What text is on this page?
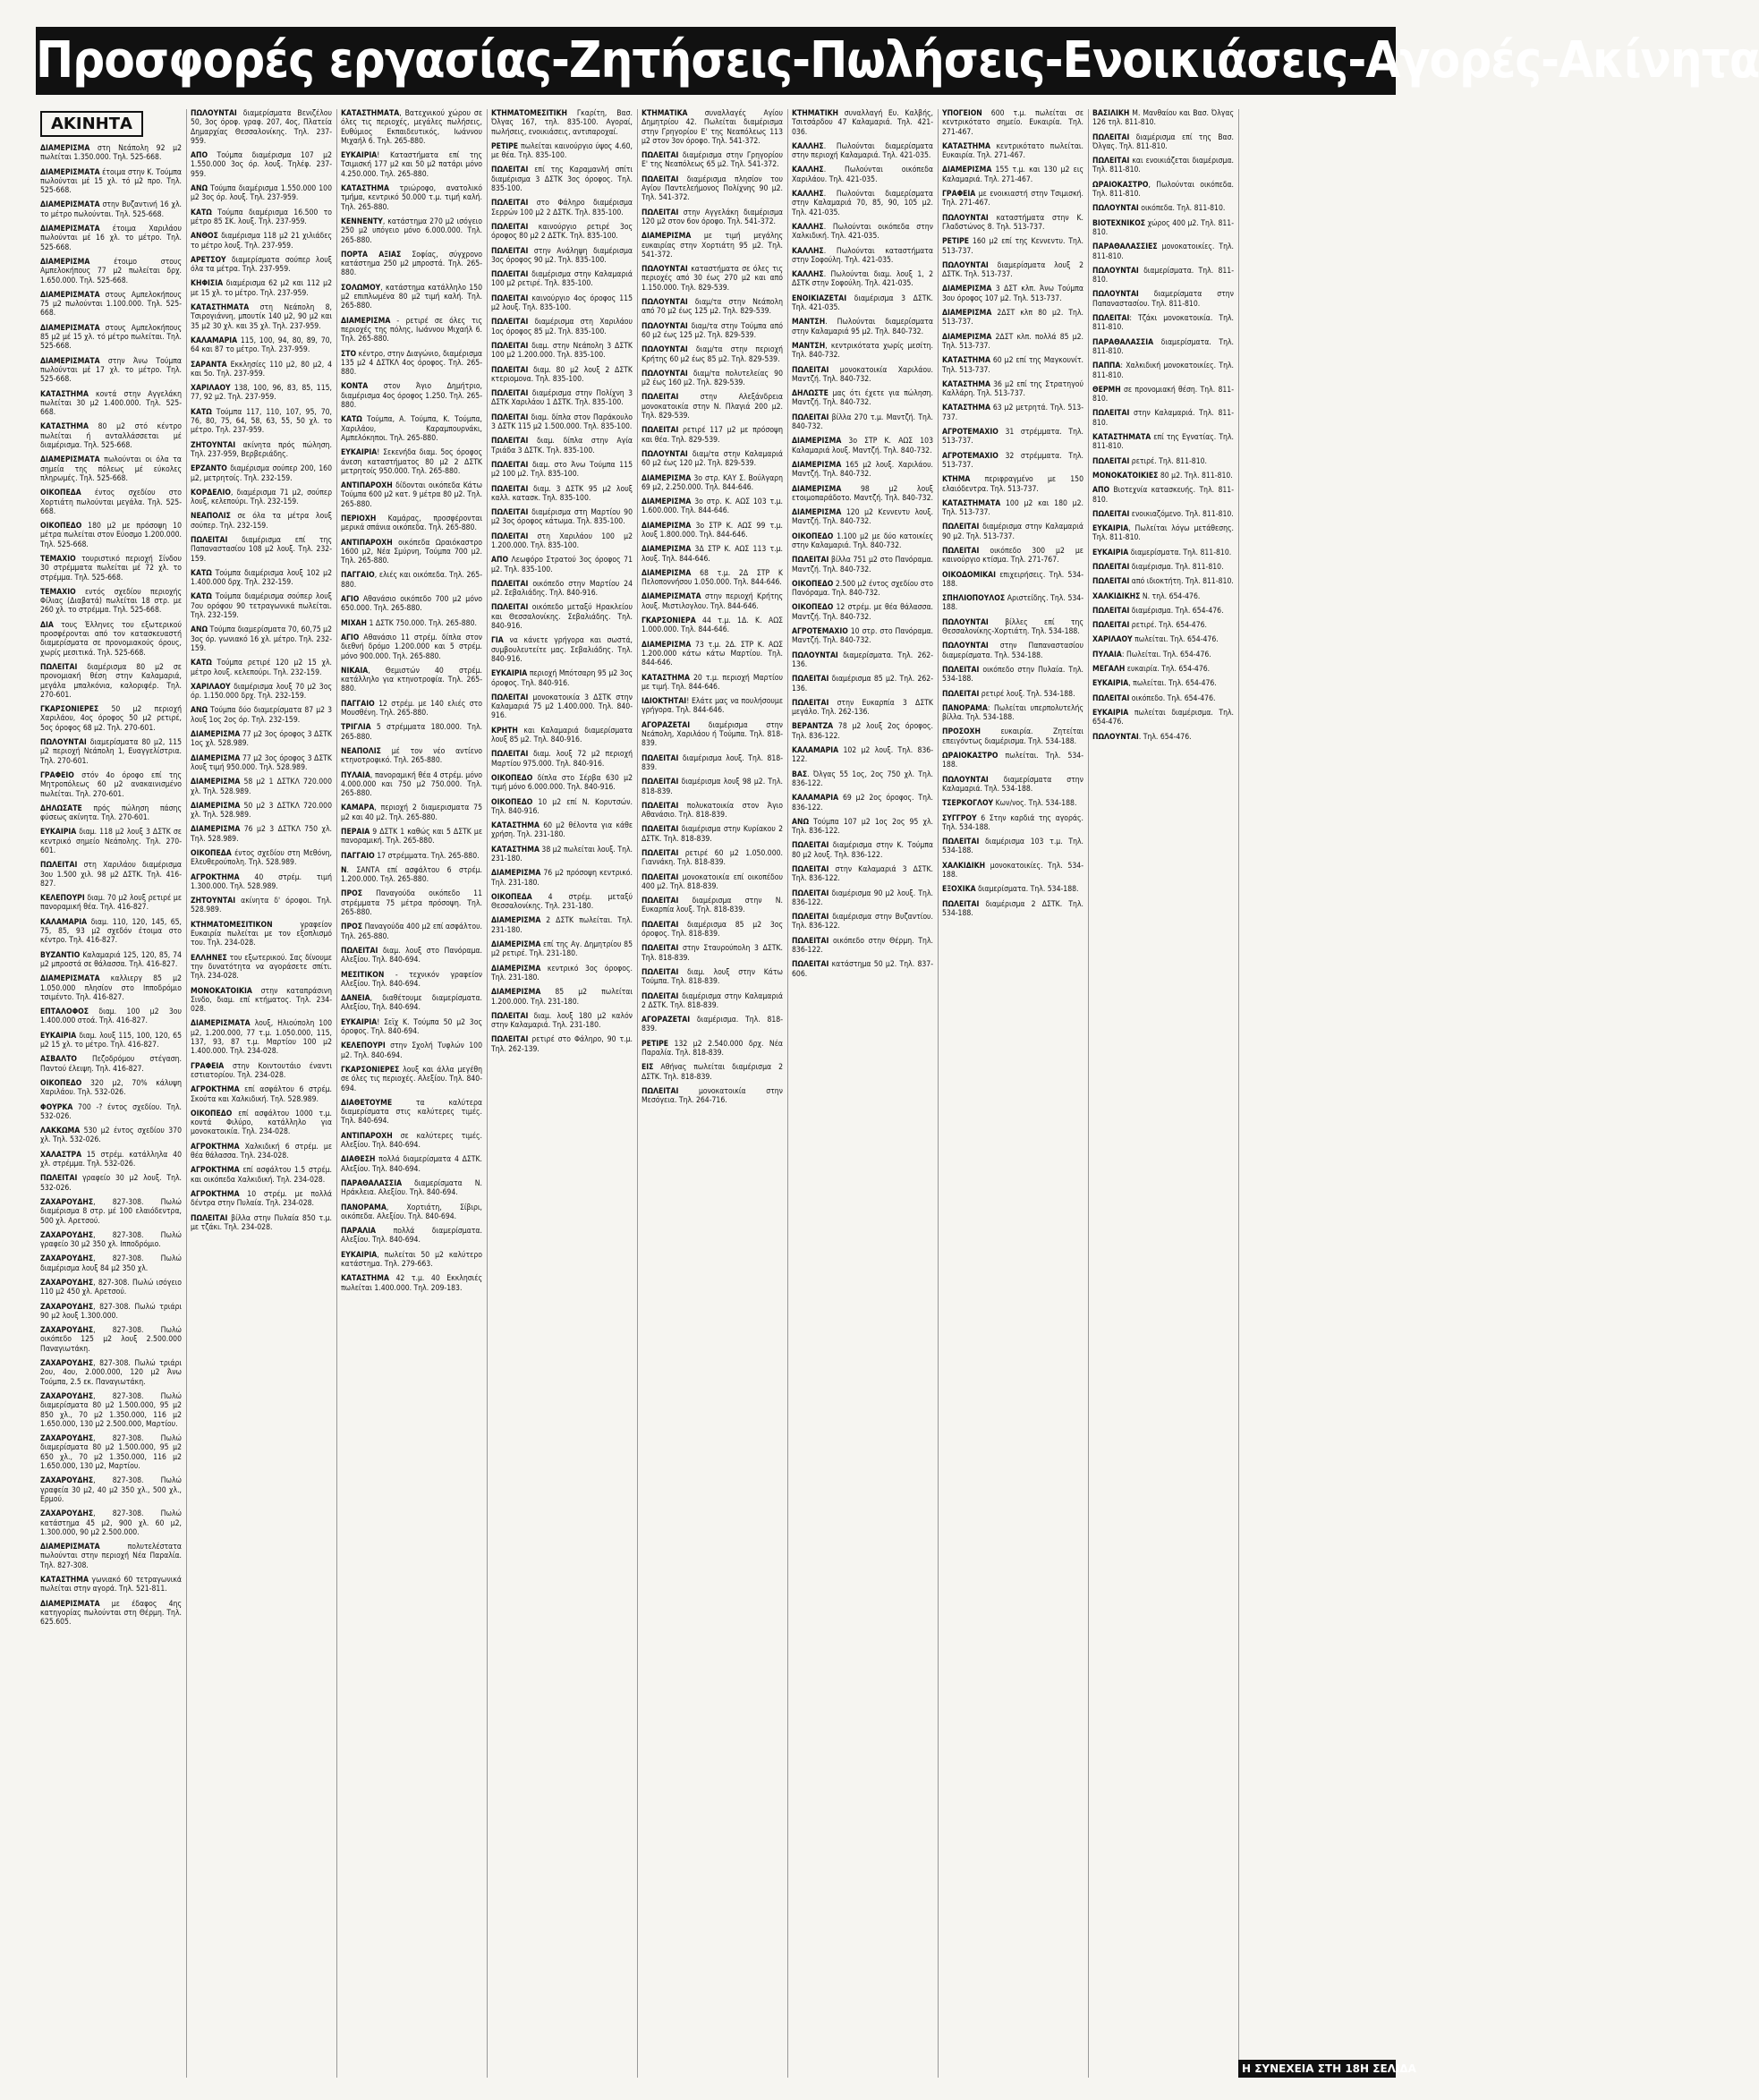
Προσφορές εργασίας-Ζητήσεις-Πωλήσεις-Ενοικιάσεις-Αγορές-Ακίνητα
ΑΚΙΝΗΤΑ

ΔΙΑΜΕΡΙΣΜΑ στη Νεάπολη 92 μ2 πωλείται 1.350.000. Τηλ. 525-668.

ΔΙΑΜΕΡΙΣΜΑΤΑ έτοιμα στην Κ. Τούμπα πωλούνται μέ 15 χλ. τό μ2 προ. Τηλ. 525-668.

ΔΙΑΜΕΡΙΣΜΑΤΑ στην Βυζαντινή 16 χλ. το μέτρο πωλούνται. Τηλ. 525-668.

ΔΙΑΜΕΡΙΣΜΑΤΑ έτοιμα Χαριλάου πωλούνται μέ 16 χλ. το μέτρο. Τηλ. 525-668.

ΔΙΑΜΕΡΙΣΜΑ έτοιμο στους Αμπελοκήπους 77 μ2 πωλείται δρχ. 1.650.000. Τηλ. 525-668.

ΔΙΑΜΕΡΙΣΜΑΤΑ στους Αμπελοκήπους 75 μ2 πωλούνται 1.100.000. Τηλ. 525-668.

ΔΙΑΜΕΡΙΣΜΑΤΑ στους Αμπελοκήπους 85 μ2 μέ 15 χλ. τό μέτρο πωλείται. Τηλ. 525-668.

ΔΙΑΜΕΡΙΣΜΑΤΑ στην Άνω Τούμπα πωλούνται μέ 17 χλ. το μέτρο. Τηλ. 525-668.

ΚΑΤΑΣΤΗΜΑ κοντά στην Αγγελάκη πωλείται 30 μ2 1.400.000. Τηλ. 525-668.

ΚΑΤΑΣΤΗΜΑ 80 μ2 στό κέντρο πωλείται ή ανταλλάσσεται μέ διαμέρισμα. Τηλ. 525-668.

ΔΙΑΜΕΡΙΣΜΑΤΑ πωλούνται οι όλα τα σημεία της πόλεως μέ εύκολες πληρωμές. Τηλ. 525-668.

ΟΙΚΟΠΕΔΑ έντος σχεδίου στο Χορτιάτη πωλούνται μεγάλα. Τηλ. 525-668.

ΟΙΚΟΠΕΔΟ 180 μ2 με πρόσοψη 10 μέτρα πωλείται στον Εύοσμο 1.200.000. Τηλ. 525-668.

ΤΕΜΑΧΙΟ τουριστικό περιοχή Σίνδου 30 στρέμματα πωλείται μέ 72 χλ. το στρέμμα. Τηλ. 525-668.

ΤΕΜΑΧΙΟ εντός σχεδίου περιοχής Φίλιας (Διαβατά) πωλείται 18 στρ. με 260 χλ. το στρέμμα. Τηλ. 525-668.

ΔΙΑ τους Έλληνες του εξωτερικού προσφέρονται από τον κατασκευαστή διαμερίσματα σε προνομιακούς όρους, χωρίς μεσιτικά. Τηλ. 525-668.

ΠΩΛΕΙΤΑΙ διαμέρισμα 80 μ2 σε προνομιακή θέση στην Καλαμαριά, μεγάλα μπαλκόνια, καλοριφέρ. Τηλ. 270-601.

ΓΚΑΡΣΟΝΙΕΡΕΣ 50 μ2 περιοχή Χαριλάου, 4ος όροφος 50 μ2 ρετιρέ, 5ος όροφος 68 μ2. Τηλ. 270-601.

ΠΩΛΟΥΝΤΑΙ διαμερίσματα 80 μ2, 115 μ2 περιοχή Νεάπολη 1, Ευαγγελίστρια. Τηλ. 270-601.

ΓΡΑΦΕΙΟ στόν 4ο όροφο επί της Μητροπόλεως 60 μ2 ανακαινισμένο πωλείται. Τηλ. 270-601.

ΔΗΛΩΣΑΤΕ πρός πώληση πάσης φύσεως ακίνητα. Τηλ. 270-601.

ΕΥΚΑΙΡΙΑ διαμ. 118 μ2 λουξ 3 ΔΣΤΚ σε κεντρικό σημείο Νεάπολης. Τηλ. 270-601.

ΠΩΛΕΙΤΑΙ στη Χαριλάου διαμέρισμα 3ου 1.500 χιλ. 98 μ2 ΔΣΤΚ. Τηλ. 416-827.

ΚΕΛΕΠΟΥΡΙ διαμ. 70 μ2 λουξ ρετιρέ με πανοραμική θέα. Τηλ. 416-827.

ΚΑΛΑΜΑΡΙΑ διαμ. 110, 120, 145, 65, 75, 85, 93 μ2 σχεδόν έτοιμα στο κέντρο. Τηλ. 416-827.

ΒΥΖΑΝΤΙΟ Καλαμαριά 125, 120, 85, 74 μ2 μπροστά σε θάλασσα. Τηλ. 416-827.

ΔΙΑΜΕΡΙΣΜΑΤΑ καλλιεργ 85 μ2 1.050.000 πλησίον στο Ιπποδρόμιο τσιμέντο. Τηλ. 416-827.

ΕΠΤΑΛΟΦΟΣ διαμ. 100 μ2 3ου 1.400.000 στοά. Τηλ. 416-827.

ΕΥΚΑΙΡΙΑ διαμ. λουξ 115, 100, 120, 65 μ2 15 χλ. το μέτρο. Τηλ. 416-827.

ΑΣΒΑΛΤΟ Πεζοδρόμου στέγαση. Παντού έλειψη. Τηλ. 416-827.

ΟΙΚΟΠΕΔΟ 320 μ2, 70% κάλυψη Χαριλάου. Τηλ. 532-026.

ΦΟΥΡΚΑ 700 -? έντος σχεδίου. Τηλ. 532-026.

ΛΑΚΚΩΜΑ 530 μ2 έντος σχεδίου 370 χλ. Τηλ. 532-026.

ΧΑΛΑΣΤΡΑ 15 στρέμ. κατάλληλα 40 χλ. στρέμμα. Τηλ. 532-026.

ΠΩΛΕΙΤΑΙ γραφείο 30 μ2 λουξ. Τηλ. 532-026.

ΖΑΧΑΡΟΥΔΗΣ, 827-308. Πωλώ διαμέρισμα 8 στρ. μέ 100 ελαιόδεντρα, 500 χλ. Αρετσού.

ΖΑΧΑΡΟΥΔΗΣ, 827-308. Πωλώ γραφείο 30 μ2 350 χλ. Ιπποδρόμιο.

ΖΑΧΑΡΟΥΔΗΣ, 827-308. Πωλώ διαμέρισμα λουξ 84 μ2 350 χλ.

ΖΑΧΑΡΟΥΔΗΣ, 827-308. Πωλώ ισόγειο 110 μ2 450 χλ. Αρετσού.

ΖΑΧΑΡΟΥΔΗΣ, 827-308. Πωλώ τριάρι 90 μ2 λουξ 1.300.000.

ΖΑΧΑΡΟΥΔΗΣ, 827-308. Πωλώ οικόπεδο 125 μ2 λουξ 2.500.000 Παναγιωτάκη.

ΖΑΧΑΡΟΥΔΗΣ, 827-308. Πωλώ τριάρι 2ου, 4ου, 2.000.000, 120 μ2 Άνω Τούμπα, 2.5 εκ. Παναγιωτάκη.

ΖΑΧΑΡΟΥΔΗΣ, 827-308. Πωλώ διαμερίσματα 80 μ2 1.500.000, 95 μ2 850 χλ., 70 μ2 1.350.000, 116 μ2 1.650.000, 130 μ2 2.500.000, Μαρτίου.

ΖΑΧΑΡΟΥΔΗΣ, 827-308. Πωλώ διαμερίσματα 80 μ2 1.500.000, 95 μ2 650 χλ., 70 μ2 1.350.000, 116 μ2 1.650.000, 130 μ2, Μαρτίου.

ΖΑΧΑΡΟΥΔΗΣ, 827-308. Πωλώ γραφεία 30 μ2, 40 μ2 350 χλ., 500 χλ., Ερμού.

ΖΑΧΑΡΟΥΔΗΣ, 827-308. Πωλώ κατάστημα 45 μ2, 900 χλ. 60 μ2, 1.300.000, 90 μ2 2.500.000.

ΔΙΑΜΕΡΙΣΜΑΤΑ πολυτελέστατα πωλούνται στην περιοχή Νέα Παραλία. Τηλ. 827-308.

ΚΑΤΑΣΤΗΜΑ γωνιακό 60 τετραγωνικά πωλείται στην αγορά. Τηλ. 521-811.

ΔΙΑΜΕΡΙΣΜΑΤΑ με έδαφος 4ης κατηγορίας πωλούνται στη Θέρμη. Τηλ. 625.605.

ΠΩΛΟΥΝΤΑΙ διαμερίσματα Βενιζέλου 50, 3ος όροφ. γραφ. 207, 4ος, Πλατεία Δημαρχίας Θεσσαλονίκης. Τηλ. 237-959.

ΑΠΟ Τούμπα διαμέρισμα 107 μ2 1.550.000 3ος όρ. λουξ. Τηλέφ. 237-959.

ΑΝΩ Τούμπα διαμέρισμα 1.550.000 100 μ2 3ος όρ. λουξ. Τηλ. 237-959.

ΚΑΤΩ Τούμπα διαμέρισμα 16.500 το μέτρο 85 ΣΚ. λουξ. Τηλ. 237-959.

ΑΝΘΟΣ διαμέρισμα 118 μ2 21 χιλιάδες το μέτρο λουξ. Τηλ. 237-959.

ΑΡΕΤΣΟΥ διαμερίσματα σούπερ λουξ όλα τα μέτρα. Τηλ. 237-959.

ΚΗΦΙΣΙΑ διαμέρισμα 62 μ2 και 112 μ2 με 15 χλ. το μέτρο. Τηλ. 237-959.

ΚΑΤΑΣΤΗΜΑΤΑ στη Νεάπολη 8, Τσιρογιάννη, μπουτίκ 140 μ2, 90 μ2 και 35 μ2 30 χλ. και 35 χλ. Τηλ. 237-959.

ΚΑΛΑΜΑΡΙΑ 115, 100, 94, 80, 89, 70, 64 και 87 το μέτρο. Τηλ. 237-959.

ΣΑΡΑΝΤΑ Εκκλησίες 110 μ2, 80 μ2, 4 και 5ο. Τηλ. 237-959.

ΧΑΡΙΛΑΟΥ 138, 100, 96, 83, 85, 115, 77, 92 μ2. Τηλ. 237-959.

ΚΑΤΩ Τούμπα 117, 110, 107, 95, 70, 76, 80, 75, 64, 58, 63, 55, 50 χλ. το μέτρο. Τηλ. 237-959.

ΖΗΤΟΥΝΤΑΙ ακίνητα πρός πώληση. Τηλ. 237-959, Βερβεριάδης.

ΕΡΖΑΝΤΟ διαμέρισμα σούπερ 200, 160 μ2, μετρητοίς. Τηλ. 232-159.

ΚΟΡΔΕΛΙΟ, διαμέρισμα 71 μ2, σούπερ λουξ, κελεπούρι. Τηλ. 232-159.

ΝΕΑΠΟΛΙΣ σε όλα τα μέτρα λουξ σούπερ. Τηλ. 232-159.

ΠΩΛΕΙΤΑΙ διαμέρισμα επί της Παπαναστασίου 108 μ2 λουξ. Τηλ. 232-159.

ΚΑΤΩ Τούμπα διαμέρισμα λουξ 102 μ2 1.400.000 δρχ. Τηλ. 232-159.

ΚΑΤΩ Τούμπα διαμέρισμα σούπερ λουξ 7ου ορόφου 90 τετραγωνικά πωλείται. Τηλ. 232-159.

ΑΝΩ Τούμπα διαμερίσματα 70, 60,75 μ2 3ος όρ. γωνιακό 16 χλ. μέτρο. Τηλ. 232-159.

ΚΑΤΩ Τούμπα ρετιρέ 120 μ2 15 χλ. μέτρο λουξ. κελεπούρι. Τηλ. 232-159.

ΧΑΡΙΛΑΟΥ διαμέρισμα λουξ 70 μ2 3ος όρ. 1.150.000 δρχ. Τηλ. 232-159.

ΑΝΩ Τούμπα δύο διαμερίσματα 87 μ2 3 λουξ 1ος 2ος όρ. Τηλ. 232-159.

ΔΙΑΜΕΡΙΣΜΑ 77 μ2 3ος όροφος 3 ΔΣΤΚ 1ος χλ. 528.989.

ΔΙΑΜΕΡΙΣΜΑ 77 μ2 3ος όροφος 3 ΔΣΤΚ λουξ τιμή 950.000. Τηλ. 528.989.

ΔΙΑΜΕΡΙΣΜΑ 58 μ2 1 ΔΣΤΚΛ 720.000 χλ. Τηλ. 528.989.

ΔΙΑΜΕΡΙΣΜΑ 50 μ2 3 ΔΣΤΚΛ 720.000 χλ. Τηλ. 528.989.

ΔΙΑΜΕΡΙΣΜΑ 76 μ2 3 ΔΣΤΚΛ 750 χλ. Τηλ. 528.989.

ΟΙΚΟΠΕΔΑ έντος σχεδίου στη Μεθόνη, Ελευθερούπολη. Τηλ. 528.989.

ΑΓΡΟΚΤΗΜΑ 40 στρέμ. τιμή 1.300.000. Τηλ. 528.989.

ΖΗΤΟΥΝΤΑΙ ακίνητα δ' όροφοι. Τηλ. 528.989.

ΚΤΗΜΑΤΟΜΕΣΙΤΙΚΟΝ γραφείον Ευκαιρία πωλείται με τον εξοπλισμό του. Τηλ. 234-028.

ΕΛΛΗΝΕΣ του εξωτερικού. Σας δίνουμε την δυνατότητα να αγοράσετε σπίτι. Τηλ. 234-028.

ΜΟΝΟΚΑΤΟΙΚΙΑ στην καταπράσινη Σινδο, διαμ. επί κτήματος. Τηλ. 234-028.

ΔΙΑΜΕΡΙΣΜΑΤΑ λουξ, Ηλιούπολη 100 μ2, 1.200.000, 77 τ.μ. 1.050.000, 115, 137, 93, 87 τ.μ. Μαρτίου 100 μ2 1.400.000. Τηλ. 234-028.

ΓΡΑΦΕΙΑ στην Κοιντουτάιο έναντι εστιατορίου. Τηλ. 234-028.

ΑΓΡΟΚΤΗΜΑ επί ασφάλτου 6 στρέμ. Σκούτα και Χαλκιδική. Τηλ. 528.989.

ΟΙΚΟΠΕΔΟ επί ασφάλτου 1000 τ.μ. κοντά Φιλύρο, κατάλληλο για μονοκατοικία. Τηλ. 234-028.

ΑΓΡΟΚΤΗΜΑ Χαλκιδική 6 στρέμ. με θέα θάλασσα. Τηλ. 234-028.

ΑΓΡΟΚΤΗΜΑ επί ασφάλτου 1.5 στρέμ. και οικόπεδα Χαλκιδική. Τηλ. 234-028.

ΑΓΡΟΚΤΗΜΑ 10 στρέμ. με πολλά δέντρα στην Πυλαία. Τηλ. 234-028.

ΠΩΛΕΙΤΑΙ βίλλα στην Πυλαία 850 τ.μ. με τζάκι. Τηλ. 234-028.

ΚΑΤΑΣΤΗΜΑΤΑ, Βατεχνικού χώρου σε όλες τις περιοχές, μεγάλες πωλήσεις, Ευθύμιος Εκπαιδευτικός, Ιωάννου Μιχαήλ 6. Τηλ. 265-880.

ΕΥΚΑΙΡΙΑ! Καταστήματα επί της Τσιμισκή 177 μ2 και 50 μ2 πατάρι μόνο 4.250.000. Τηλ. 265-880.

ΚΑΤΑΣΤΗΜΑ τριώροφο, ανατολικό τμήμα, κεντρικό 50.000 τ.μ. τιμή καλή. Τηλ. 265-880.

ΚΕΝΝΕΝΤΥ, κατάστημα 270 μ2 ισόγειο 250 μ2 υπόγειο μόνο 6.000.000. Τηλ. 265-880.

ΠΟΡΤΑ ΑΞΙΑΣ Σοφίας, σύγχρονο κατάστημα 250 μ2 μπροστά. Τηλ. 265-880.

ΣΟΛΩΜΟΥ, κατάστημα κατάλληλο 150 μ2 επιπλωμένα 80 μ2 τιμή καλή. Τηλ. 265-880.

ΔΙΑΜΕΡΙΣΜΑ - ρετιρέ σε όλες τις περιοχές της πόλης, Ιωάννου Μιχαήλ 6. Τηλ. 265-880.

ΣΤΟ κέντρο, στην Διαγώνιο, διαμέρισμα 135 μ2 4 ΔΣΤΚΛ 4ος όροφος. Τηλ. 265-880.

ΚΟΝΤΑ στον Άγιο Δημήτριο, διαμέρισμα 4ος όροφος 1.250. Τηλ. 265-880.

ΚΑΤΩ Τούμπα, Α. Τούμπα, Κ. Τούμπα, Χαριλάου, Καραμπουρνάκι, Αμπελόκηποι. Τηλ. 265-880.

ΕΥΚΑΙΡΙΑ! Σεκενήδα διαμ. 5ος όροφος άνεση καταστήματος 80 μ2 2 ΔΣΤΚ μετρητοίς 950.000. Τηλ. 265-880.

ΑΝΤΙΠΑΡΟΧΗ δίδονται οικόπεδα Κάτω Τούμπα 600 μ2 κατ. 9 μέτρα 80 μ2. Τηλ. 265-880.

ΠΕΡΙΟΧΗ Καμάρας, προσφέρονται μερικά σπάνια οικόπεδα. Τηλ. 265-880.

ΑΝΤΙΠΑΡΟΧΗ οικόπεδα Ωραιόκαστρο 1600 μ2, Νέα Σμύρνη, Τούμπα 700 μ2. Τηλ. 265-880.

ΠΑΓΓΑΙΟ, ελιές και οικόπεδα. Τηλ. 265-880.

ΑΓΙΟ Αθανάσιο οικόπεδο 700 μ2 μόνο 650.000. Τηλ. 265-880.

ΜΙΧΑΗ 1 ΔΣΤΚ 750.000. Τηλ. 265-880.

ΑΓΙΟ Αθανάσιο 11 στρέμ. δίπλα στον διεθνή δρόμο 1.200.000 και 5 στρέμ. μόνο 900.000. Τηλ. 265-880.

ΝΙΚΑΙΑ, Θεμιστών 40 στρέμ. κατάλληλο για κτηνοτροφία. Τηλ. 265-880.

ΠΑΓΓΑΙΟ 12 στρέμ. με 140 ελιές στο Μουσθένη. Τηλ. 265-880.

ΤΡΙΓΛΙΑ 5 στρέμματα 180.000. Τηλ. 265-880.

ΝΕΑΠΟΛΙΣ μέ τον νέο αντίενο κτηνοτροφικό. Τηλ. 265-880.

ΠΥΛΑΙΑ, πανοραμική θέα 4 στρέμ. μόνο 4.000.000 και 750 μ2 750.000. Τηλ. 265-880.

ΚΑΜΑΡΑ, περιοχή 2 διαμερισματα 75 μ2 και 40 μ2. Τηλ. 265-880.

ΠΕΡΑΙΑ 9 ΔΣΤΚ 1 καθώς και 5 ΔΣΤΚ με πανοραμική. Τηλ. 265-880.

ΠΑΓΓΑΙΟ 17 στρέμματα. Τηλ. 265-880.

Ν. ΣΑΝΤΑ επί ασφάλτου 6 στρέμ. 1.200.000. Τηλ. 265-880.

ΠΡΟΣ Παναγούδα οικόπεδο 11 στρέμματα 75 μέτρα πρόσοψη. Τηλ. 265-880.

ΠΡΟΣ Παναγούδα 400 μ2 επί ασφάλτου. Τηλ. 265-880.

ΠΩΛΕΙΤΑΙ διαμ. λουξ στο Πανόραμα. Αλεξίου. Τηλ. 840-694.

ΜΕΣΙΤΙΚΟΝ - τεχνικόν γραφείον Αλεξίου. Τηλ. 840-694.

ΔΑΝΕΙΑ, διαθέτουμε διαμερίσματα. Αλεξίου, Τηλ. 840-694.

ΕΥΚΑΙΡΙΑ! Σεϊχ Κ. Τούμπα 50 μ2 3ος όροφος. Τηλ. 840-694.

ΚΕΛΕΠΟΥΡΙ στην Σχολή Τυφλών 100 μ2. Τηλ. 840-694.

ΓΚΑΡΣΟΝΙΕΡΕΣ λουξ και άλλα μεγέθη σε όλες τις περιοχές. Αλεξίου. Τηλ. 840-694.

ΔΙΑΘΕΤΟΥΜΕ τα καλύτερα διαμερίσματα στις καλύτερες τιμές. Τηλ. 840-694.

ΑΝΤΙΠΑΡΟΧΗ σε καλύτερες τιμές. Αλεξίου. Τηλ. 840-694.

ΔΙΑΘΕΣΗ πολλά διαμερίσματα 4 ΔΣΤΚ. Αλεξίου. Τηλ. 840-694.

ΠΑΡΑΘΑΛΑΣΣΙΑ διαμερίσματα Ν. Ηράκλεια. Αλεξίου. Τηλ. 840-694.

ΠΑΝΟΡΑΜΑ, Χορτιάτη, Σίβιρι, οικόπεδα. Αλεξίου. Τηλ. 840-694.

ΠΑΡΑΛΙΑ πολλά διαμερίσματα. Αλεξίου. Τηλ. 840-694.

ΕΥΚΑΙΡΙΑ, πωλείται 50 μ2 καλύτερο κατάστημα. Τηλ. 279-663.

ΚΑΤΑΣΤΗΜΑ 42 τ.μ. 40 Εκκλησιές πωλείται 1.400.000. Τηλ. 209-183.

ΚΤΗΜΑΤΟΜΕΣΙΤΙΚΗ Γκαρίτη, Βασ. Όλγας 167, τηλ. 835-100. Αγοραί, πωλήσεις, ενοικιάσεις, αντιπαροχαί.

ΡΕΤΙΡΕ πωλείται καινούργιο ύψος 4.60, με θέα. Τηλ. 835-100.

ΠΩΛΕΙΤΑΙ επί της Καραμανλή σπίτι διαμέρισμα 3 ΔΣΤΚ 3ος όροφος. Τηλ. 835-100.

ΠΩΛΕΙΤΑΙ στο Φάληρο διαμέρισμα Σερρών 100 μ2 2 ΔΣΤΚ. Τηλ. 835-100.

ΠΩΛΕΙΤΑΙ καινούργιο ρετιρέ 3ος όροφος 80 μ2 2 ΔΣΤΚ. Τηλ. 835-100.

ΠΩΛΕΙΤΑΙ στην Ανάληψη διαμέρισμα 3ος όροφος 90 μ2. Τηλ. 835-100.

ΠΩΛΕΙΤΑΙ διαμέρισμα στην Καλαμαριά 100 μ2 ρετιρέ. Τηλ. 835-100.

ΠΩΛΕΙΤΑΙ καινούργιο 4ος όροφος 115 μ2 λουξ. Τηλ. 835-100.

ΠΩΛΕΙΤΑΙ διαμέρισμα στη Χαριλάου 1ος όροφος 85 μ2. Τηλ. 835-100.

ΠΩΛΕΙΤΑΙ διαμ. στην Νεάπολη 3 ΔΣΤΚ 100 μ2 1.200.000. Τηλ. 835-100.

ΠΩΛΕΙΤΑΙ διαμ. 80 μ2 λουξ 2 ΔΣΤΚ κτεριομονα. Τηλ. 835-100.

ΠΩΛΕΙΤΑΙ διαμέρισμα στην Πολίχνη 3 ΔΣΤΚ Χαριλάου 1 ΔΣΤΚ. Τηλ. 835-100.

ΠΩΛΕΙΤΑΙ διαμ. δίπλα στον Παράκουλο 3 ΔΣΤΚ 115 μ2 1.500.000. Τηλ. 835-100.

ΠΩΛΕΙΤΑΙ διαμ. δίπλα στην Αγία Τριάδα 3 ΔΣΤΚ. Τηλ. 835-100.

ΠΩΛΕΙΤΑΙ διαμ. στο Άνω Τούμπα 115 μ2 100 μ2. Τηλ. 835-100.

ΠΩΛΕΙΤΑΙ διαμ. 3 ΔΣΤΚ 95 μ2 λουξ καλλ. κατασκ. Τηλ. 835-100.

ΠΩΛΕΙΤΑΙ διαμέρισμα στη Μαρτίου 90 μ2 3ος όροφος κάτωμα. Τηλ. 835-100.

ΠΩΛΕΙΤΑΙ στη Χαριλάου 100 μ2 1.200.000. Τηλ. 835-100.

ΑΠΟ Λεωφόρο Στρατού 3ος όροφος 71 μ2. Τηλ. 835-100.

ΠΩΛΕΙΤΑΙ οικόπεδο στην Μαρτίου 24 μ2. Σεβαλιάδης. Τηλ. 840-916.

ΠΩΛΕΙΤΑΙ οικόπεδο μεταξύ Ηρακλείου και Θεσσαλονίκης. Σεβαλιάδης. Τηλ. 840-916.

ΓΙΑ να κάνετε γρήγορα και σωστά, συμβουλευτείτε μας. Σεβαλιάδης. Τηλ. 840-916.

ΕΥΚΑΙΡΙΑ περιοχή Μπότσαρη 95 μ2 3ος όροφος. Τηλ. 840-916.

ΠΩΛΕΙΤΑΙ μονοκατοικία 3 ΔΣΤΚ στην Καλαμαριά 75 μ2 1.400.000. Τηλ. 840-916.

ΚΡΗΤΗ και Καλαμαριά διαμερίσματα λουξ 85 μ2. Τηλ. 840-916.

ΠΩΛΕΙΤΑΙ διαμ. λουξ 72 μ2 περιοχή Μαρτίου 975.000. Τηλ. 840-916.

ΟΙΚΟΠΕΔΟ δίπλα στο Σέρβα 630 μ2 τιμή μόνο 6.000.000. Τηλ. 840-916.

ΟΙΚΟΠΕΔΟ 10 μ2 επί Ν. Κορυτσών. Τηλ. 840-916.

ΚΑΤΑΣΤΗΜΑ 60 μ2 θέλοντα για κάθε χρήση. Τηλ. 231-180.

ΚΑΤΑΣΤΗΜΑ 38 μ2 πωλείται λουξ. Τηλ. 231-180.

ΔΙΑΜΕΡΙΣΜΑ 76 μ2 πρόσοψη κεντρικό. Τηλ. 231-180.

ΟΙΚΟΠΕΔΑ 4 στρέμ. μεταξύ Θεσσαλονίκης. Τηλ. 231-180.

ΔΙΑΜΕΡΙΣΜΑ 2 ΔΣΤΚ πωλείται. Τηλ. 231-180.

ΔΙΑΜΕΡΙΣΜΑ επί της Αγ. Δημητρίου 85 μ2 ρετιρέ. Τηλ. 231-180.

ΔΙΑΜΕΡΙΣΜΑ κεντρικό 3ος όροφος. Τηλ. 231-180.

ΔΙΑΜΕΡΙΣΜΑ 85 μ2 πωλείται 1.200.000. Τηλ. 231-180.

ΠΩΛΕΙΤΑΙ διαμ. λουξ 180 μ2 καλόν στην Καλαμαριά. Τηλ. 231-180.

ΠΩΛΕΙΤΑΙ ρετιρέ στο Φάληρο, 90 τ.μ. Τηλ. 262-139.

ΚΤΗΜΑΤΙΚΑ συναλλαγές Αγίου Δημητρίου 42. Πωλείται διαμέρισμα στην Γρηγορίου Ε' της Νεαπόλεως 113 μ2 στον 3ον όροφο. Τηλ. 541-372.

ΠΩΛΕΙΤΑΙ διαμέρισμα στην Γρηγορίου Ε' της Νεαπόλεως 65 μ2. Τηλ. 541-372.

ΠΩΛΕΙΤΑΙ διαμέρισμα πλησίον του Αγίου Παντελεήμονος Πολίχνης 90 μ2. Τηλ. 541-372.

ΠΩΛΕΙΤΑΙ στην Αγγελάκη διαμέρισμα 120 μ2 στον 6ον όροφο. Τηλ. 541-372.

ΔΙΑΜΕΡΙΣΜΑ με τιμή μεγάλης ευκαιρίας στην Χορτιάτη 95 μ2. Τηλ. 541-372.

ΠΩΛΟΥΝΤΑΙ καταστήματα σε όλες τις περιοχές από 30 έως 270 μ2 και από 1.150.000. Τηλ. 829-539.

ΠΩΛΟΥΝΤΑΙ διαμ/τα στην Νεάπολη από 70 μ2 έως 125 μ2. Τηλ. 829-539.

ΠΩΛΟΥΝΤΑΙ διαμ/τα στην Τούμπα από 60 μ2 έως 125 μ2. Τηλ. 829-539.

ΠΩΛΟΥΝΤΑΙ διαμ/τα στην περιοχή Κρήτης 60 μ2 έως 85 μ2. Τηλ. 829-539.

ΠΩΛΟΥΝΤΑΙ διαμ/τα πολυτελείας 90 μ2 έως 160 μ2. Τηλ. 829-539.

ΠΩΛΕΙΤΑΙ στην Αλεξάνδρεια μονοκατοικία στην Ν. Πλαγιά 200 μ2. Τηλ. 829-539.

ΠΩΛΕΙΤΑΙ ρετιρέ 117 μ2 με πρόσοψη και θέα. Τηλ. 829-539.

ΠΩΛΟΥΝΤΑΙ διαμ/τα στην Καλαμαριά 60 μ2 έως 120 μ2. Τηλ. 829-539.

ΔΙΑΜΕΡΙΣΜΑ 3ο στρ. ΚΑΥ Σ. Βούλγαρη 69 μ2, 2.250.000. Τηλ. 844-646.

ΔΙΑΜΕΡΙΣΜΑ 3ο στρ. Κ. ΑΩΣ 103 τ.μ. 1.600.000. Τηλ. 844-646.

ΔΙΑΜΕΡΙΣΜΑ 3ο ΣΤΡ Κ. ΑΩΣ 99 τ.μ. λουξ 1.800.000. Τηλ. 844-646.

ΔΙΑΜΕΡΙΣΜΑ 3Δ ΣΤΡ Κ. ΑΩΣ 113 τ.μ. λουξ. Τηλ. 844-646.

ΔΙΑΜΕΡΙΣΜΑ 68 τ.μ. 2Δ ΣΤΡ Κ Πελοποννήσου 1.050.000. Τηλ. 844-646.

ΔΙΑΜΕΡΙΣΜΑΤΑ στην περιοχή Κρήτης λουξ. Μιστιλογλου. Τηλ. 844-646.

ΓΚΑΡΣΟΝΙΕΡΑ 44 τ.μ. 1Δ. Κ. ΑΩΣ 1.000.000. Τηλ. 844-646.

ΔΙΑΜΕΡΙΣΜΑ 73 τ.μ. 2Δ. ΣΤΡ Κ. ΑΩΣ 1.200.000 κάτω κάτω Μαρτίου. Τηλ. 844-646.

ΚΑΤΑΣΤΗΜΑ 20 τ.μ. περιοχή Μαρτίου με τιμή. Τηλ. 844-646.

ΙΔΙΟΚΤΗΤΑΙ! Ελάτε μας να πουλήσουμε γρήγορα. Τηλ. 844-646.

ΑΓΟΡΑΖΕΤΑΙ διαμέρισμα στην Νεάπολη, Χαριλάου ή Τούμπα. Τηλ. 818-839.

ΠΩΛΕΙΤΑΙ διαμέρισμα λουξ. Τηλ. 818-839.

ΠΩΛΕΙΤΑΙ διαμέρισμα λουξ 98 μ2. Τηλ. 818-839.

ΠΩΛΕΙΤΑΙ πολυκατοικία στον Άγιο Αθανάσιο. Τηλ. 818-839.

ΠΩΛΕΙΤΑΙ διαμέρισμα στην Κυρίακου 2 ΔΣΤΚ. Τηλ. 818-839.

ΠΩΛΕΙΤΑΙ ρετιρέ 60 μ2 1.050.000. Γιαννάκη. Τηλ. 818-839.

ΠΩΛΕΙΤΑΙ μονοκατοικία επί οικοπέδου 400 μ2. Τηλ. 818-839.

ΠΩΛΕΙΤΑΙ διαμέρισμα στην Ν. Ευκαρπία λουξ. Τηλ. 818-839.

ΠΩΛΕΙΤΑΙ διαμέρισμα 85 μ2 3ος όροφος. Τηλ. 818-839.

ΠΩΛΕΙΤΑΙ στην Σταυρούπολη 3 ΔΣΤΚ. Τηλ. 818-839.

ΠΩΛΕΙΤΑΙ διαμ. λουξ στην Κάτω Τούμπα. Τηλ. 818-839.

ΠΩΛΕΙΤΑΙ διαμέρισμα στην Καλαμαριά 2 ΔΣΤΚ. Τηλ. 818-839.

ΑΓΟΡΑΖΕΤΑΙ διαμέρισμα. Τηλ. 818-839.

ΡΕΤΙΡΕ 132 μ2 2.540.000 δρχ. Νέα Παραλία. Τηλ. 818-839.

ΕΙΣ Αθήνας πωλείται διαμέρισμα 2 ΔΣΤΚ. Τηλ. 818-839.

ΠΩΛΕΙΤΑΙ μονοκατοικία στην Μεσόγεια. Τηλ. 264-716.

ΚΤΗΜΑΤΙΚΗ συναλλαγή Ευ. Καλβής, Τσιτσάρδου 47 Καλαμαριά. Τηλ. 421-036.

ΚΑΛΛΗΣ. Πωλούνται διαμερίσματα στην περιοχή Καλαμαριά. Τηλ. 421-035.

ΚΑΛΛΗΣ. Πωλούνται οικόπεδα Χαριλάου. Τηλ. 421-035.

ΚΑΛΛΗΣ. Πωλούνται διαμερίσματα στην Καλαμαριά 70, 85, 90, 105 μ2. Τηλ. 421-035.

ΚΑΛΛΗΣ. Πωλούνται οικόπεδα στην Χαλκιδική. Τηλ. 421-035.

ΚΑΛΛΗΣ. Πωλούνται καταστήματα στην Σοφούλη. Τηλ. 421-035.

ΚΑΛΛΗΣ. Πωλούνται διαμ. λουξ 1, 2 ΔΣΤΚ στην Σοφούλη. Τηλ. 421-035.

ΕΝΟΙΚΙΑΖΕΤΑΙ διαμέρισμα 3 ΔΣΤΚ. Τηλ. 421-035.

ΜΑΝΤΣΗ. Πωλούνται διαμερίσματα στην Καλαμαριά 95 μ2. Τηλ. 840-732.

ΜΑΝΤΣΗ, κεντρικότατα χωρίς μεσίτη. Τηλ. 840-732.

ΠΩΛΕΙΤΑΙ μονοκατοικία Χαριλάου. Μαντζή. Τηλ. 840-732.

ΔΗΛΩΣΤΕ μας ότι έχετε για πώληση. Μαντζή. Τηλ. 840-732.

ΠΩΛΕΙΤΑΙ βίλλα 270 τ.μ. Μαντζή. Τηλ. 840-732.

ΔΙΑΜΕΡΙΣΜΑ 3ο ΣΤΡ Κ. ΑΩΣ 103 Καλαμαριά λουξ. Μαντζή. Τηλ. 840-732.

ΔΙΑΜΕΡΙΣΜΑ 165 μ2 λουξ. Χαριλάου. Μαντζή. Τηλ. 840-732.

ΔΙΑΜΕΡΙΣΜΑ 98 μ2 λουξ ετοιμοπαράδοτο. Μαντζή. Τηλ. 840-732.

ΔΙΑΜΕΡΙΣΜΑ 120 μ2 Κεννεντυ λουξ. Μαντζή. Τηλ. 840-732.

ΟΙΚΟΠΕΔΟ 1.100 μ2 με δύο κατοικίες στην Καλαμαριά. Τηλ. 840-732.

ΠΩΛΕΙΤΑΙ βίλλα 751 μ2 στο Πανόραμα. Μαντζή. Τηλ. 840-732.

ΟΙΚΟΠΕΔΟ 2.500 μ2 έντος σχεδίου στο Πανόραμα. Τηλ. 840-732.

ΟΙΚΟΠΕΔΟ 12 στρέμ. με θέα θάλασσα. Μαντζή. Τηλ. 840-732.

ΑΓΡΟΤΕΜΑΧΙΟ 10 στρ. στο Πανόραμα. Μαντζή. Τηλ. 840-732.

ΠΩΛΟΥΝΤΑΙ διαμερίσματα. Τηλ. 262-136.

ΠΩΛΕΙΤΑΙ διαμέρισμα 85 μ2. Τηλ. 262-136.

ΠΩΛΕΙΤΑΙ στην Ευκαρπία 3 ΔΣΤΚ μεγάλο. Τηλ. 262-136.

ΒΕΡΑΝΤΖΑ 78 μ2 λουξ 2ος όροφος. Τηλ. 836-122.

ΚΑΛΑΜΑΡΙΑ 102 μ2 λουξ. Τηλ. 836-122.

ΒΑΣ. Όλγας 55 1ος, 2ος 750 χλ. Τηλ. 836-122.

ΚΑΛΑΜΑΡΙΑ 69 μ2 2ος όροφος. Τηλ. 836-122.

ΑΝΩ Τούμπα 107 μ2 1ος 2ος 95 χλ. Τηλ. 836-122.

ΠΩΛΕΙΤΑΙ διαμέρισμα στην Κ. Τούμπα 80 μ2 λουξ. Τηλ. 836-122.

ΠΩΛΕΙΤΑΙ στην Καλαμαριά 3 ΔΣΤΚ. Τηλ. 836-122.

ΠΩΛΕΙΤΑΙ διαμέρισμα 90 μ2 λουξ. Τηλ. 836-122.

ΠΩΛΕΙΤΑΙ διαμέρισμα στην Βυζαντίου. Τηλ. 836-122.

ΠΩΛΕΙΤΑΙ οικόπεδο στην Θέρμη. Τηλ. 836-122.

ΠΩΛΕΙΤΑΙ κατάστημα 50 μ2. Τηλ. 837-606.

ΥΠΟΓΕΙΟΝ 600 τ.μ. πωλείται σε κεντρικότατο σημείο. Ευκαιρία. Τηλ. 271-467.

ΚΑΤΑΣΤΗΜΑ κεντρικότατο πωλείται. Ευκαιρία. Τηλ. 271-467.

ΔΙΑΜΕΡΙΣΜΑ 155 τ.μ. και 130 μ2 εις Καλαμαριά. Τηλ. 271-467.

ΓΡΑΦΕΙΑ με ενοικιαστή στην Τσιμισκή. Τηλ. 271-467.

ΠΩΛΟΥΝΤΑΙ καταστήματα στην Κ. Γλαδστώνος 8. Τηλ. 513-737.

ΡΕΤΙΡΕ 160 μ2 επί της Κεννεντυ. Τηλ. 513-737.

ΠΩΛΟΥΝΤΑΙ διαμερίσματα λουξ 2 ΔΣΤΚ. Τηλ. 513-737.

ΔΙΑΜΕΡΙΣΜΑ 3 ΔΣΤ κλπ. Άνω Τούμπα 3ου όροφος 107 μ2. Τηλ. 513-737.

ΔΙΑΜΕΡΙΣΜΑ 2ΔΣΤ κλπ 80 μ2. Τηλ. 513-737.

ΔΙΑΜΕΡΙΣΜΑ 2ΔΣΤ κλπ. πολλά 85 μ2. Τηλ. 513-737.

ΚΑΤΑΣΤΗΜΑ 60 μ2 επί της Μαγκουνίτ. Τηλ. 513-737.

ΚΑΤΑΣΤΗΜΑ 36 μ2 επί της Στρατηγού Καλλάρη. Τηλ. 513-737.

ΚΑΤΑΣΤΗΜΑ 63 μ2 μετρητά. Τηλ. 513-737.

ΑΓΡΟΤΕΜΑΧΙΟ 31 στρέμματα. Τηλ. 513-737.

ΑΓΡΟΤΕΜΑΧΙΟ 32 στρέμματα. Τηλ. 513-737.

ΚΤΗΜΑ περιφραγμένο με 150 ελαιόδεντρα. Τηλ. 513-737.

ΚΑΤΑΣΤΗΜΑΤΑ 100 μ2 και 180 μ2. Τηλ. 513-737.

ΠΩΛΕΙΤΑΙ διαμέρισμα στην Καλαμαριά 90 μ2. Τηλ. 513-737.

ΠΩΛΕΙΤΑΙ οικόπεδο 300 μ2 με καινούργιο κτίσμα. Τηλ. 271-767.

ΟΙΚΟΔΟΜΙΚΑΙ επιχειρήσεις. Τηλ. 534-188.

ΣΠΗΛΙΟΠΟΥΛΟΣ Αριστείδης. Τηλ. 534-188.

ΠΩΛΟΥΝΤΑΙ βίλλες επί της Θεσσαλονίκης-Χορτιάτη. Τηλ. 534-188.

ΠΩΛΟΥΝΤΑΙ στην Παπαναστασίου διαμερίσματα. Τηλ. 534-188.

ΠΩΛΕΙΤΑΙ οικόπεδο στην Πυλαία. Τηλ. 534-188.

ΠΩΛΕΙΤΑΙ ρετιρέ λουξ. Τηλ. 534-188.

ΠΑΝΟΡΑΜΑ: Πωλείται υπερπολυτελής βίλλα. Τηλ. 534-188.

ΠΡΟΣΟΧΗ ευκαιρία. Ζητείται επειγόντως διαμέρισμα. Τηλ. 534-188.

ΩΡΑΙΟΚΑΣΤΡΟ πωλείται. Τηλ. 534-188.

ΠΩΛΟΥΝΤΑΙ διαμερίσματα στην Καλαμαριά. Τηλ. 534-188.

ΤΣΕΡΚΟΓΛΟΥ Κων/νος. Τηλ. 534-188.

ΣΥΓΓΡΟΥ 6 Στην καρδιά της αγοράς. Τηλ. 534-188.

ΠΩΛΕΙΤΑΙ διαμέρισμα 103 τ.μ. Τηλ. 534-188.

ΧΑΛΚΙΔΙΚΗ μονοκατοικίες. Τηλ. 534-188.

ΕΞΟΧΙΚΑ διαμερίσματα. Τηλ. 534-188.

ΠΩΛΕΙΤΑΙ διαμέρισμα 2 ΔΣΤΚ. Τηλ. 534-188.

ΒΑΣΙΛΙΚΗ Μ. Μανθαίου και Βασ. Όλγας 126 τηλ. 811-810.

ΠΩΛΕΙΤΑΙ διαμέρισμα επί της Βασ. Όλγας. Τηλ. 811-810.

ΠΩΛΕΙΤΑΙ και ενοικιάζεται διαμέρισμα. Τηλ. 811-810.

ΩΡΑΙΟΚΑΣΤΡΟ, Πωλούνται οικόπεδα. Τηλ. 811-810.

ΠΩΛΟΥΝΤΑΙ οικόπεδα. Τηλ. 811-810.

ΒΙΟΤΕΧΝΙΚΟΣ χώρος 400 μ2. Τηλ. 811-810.

ΠΑΡΑΘΑΛΑΣΣΙΕΣ μονοκατοικίες. Τηλ. 811-810.

ΠΩΛΟΥΝΤΑΙ διαμερίσματα. Τηλ. 811-810.

ΠΩΛΟΥΝΤΑΙ διαμερίσματα στην Παπαναστασίου. Τηλ. 811-810.

ΠΩΛΕΙΤΑΙ: Τζάκι μονοκατοικία. Τηλ. 811-810.

ΠΑΡΑΘΑΛΑΣΣΙΑ διαμερίσματα. Τηλ. 811-810.

ΠΑΠΠΑ: Χαλκιδική μονοκατοικίες. Τηλ. 811-810.

ΘΕΡΜΗ σε προνομιακή θέση. Τηλ. 811-810.

ΠΩΛΕΙΤΑΙ στην Καλαμαριά. Τηλ. 811-810.

ΚΑΤΑΣΤΗΜΑΤΑ επί της Εγνατίας. Τηλ. 811-810.

ΠΩΛΕΙΤΑΙ ρετιρέ. Τηλ. 811-810.

ΜΟΝΟΚΑΤΟΙΚΙΕΣ 80 μ2. Τηλ. 811-810.

ΑΠΟ Βιοτεχνία κατασκευής. Τηλ. 811-810.

ΠΩΛΕΙΤΑΙ ενοικιαζόμενο. Τηλ. 811-810.

ΕΥΚΑΙΡΙΑ, Πωλείται λόγω μετάθεσης. Τηλ. 811-810.

ΕΥΚΑΙΡΙΑ διαμερίσματα. Τηλ. 811-810.

ΠΩΛΕΙΤΑΙ διαμέρισμα. Τηλ. 811-810.

ΠΩΛΕΙΤΑΙ από ιδιοκτήτη. Τηλ. 811-810.

ΧΑΛΚΙΔΙΚΗΣ Ν. τηλ. 654-476.

ΠΩΛΕΙΤΑΙ διαμέρισμα. Τηλ. 654-476.

ΠΩΛΕΙΤΑΙ ρετιρέ. Τηλ. 654-476.

ΧΑΡΙΛΑΟΥ πωλείται. Τηλ. 654-476.

ΠΥΛΑΙΑ: Πωλείται. Τηλ. 654-476.

ΜΕΓΑΛΗ ευκαιρία. Τηλ. 654-476.

ΕΥΚΑΙΡΙΑ, πωλείται. Τηλ. 654-476.

ΠΩΛΕΙΤΑΙ οικόπεδο. Τηλ. 654-476.

ΕΥΚΑΙΡΙΑ πωλείται διαμέρισμα. Τηλ. 654-476.

ΠΩΛΟΥΝΤΑΙ. Τηλ. 654-476.

Η ΣΥΝΕΧΕΙΑ ΣΤΗ 18Η ΣΕΛΙΔΑ
